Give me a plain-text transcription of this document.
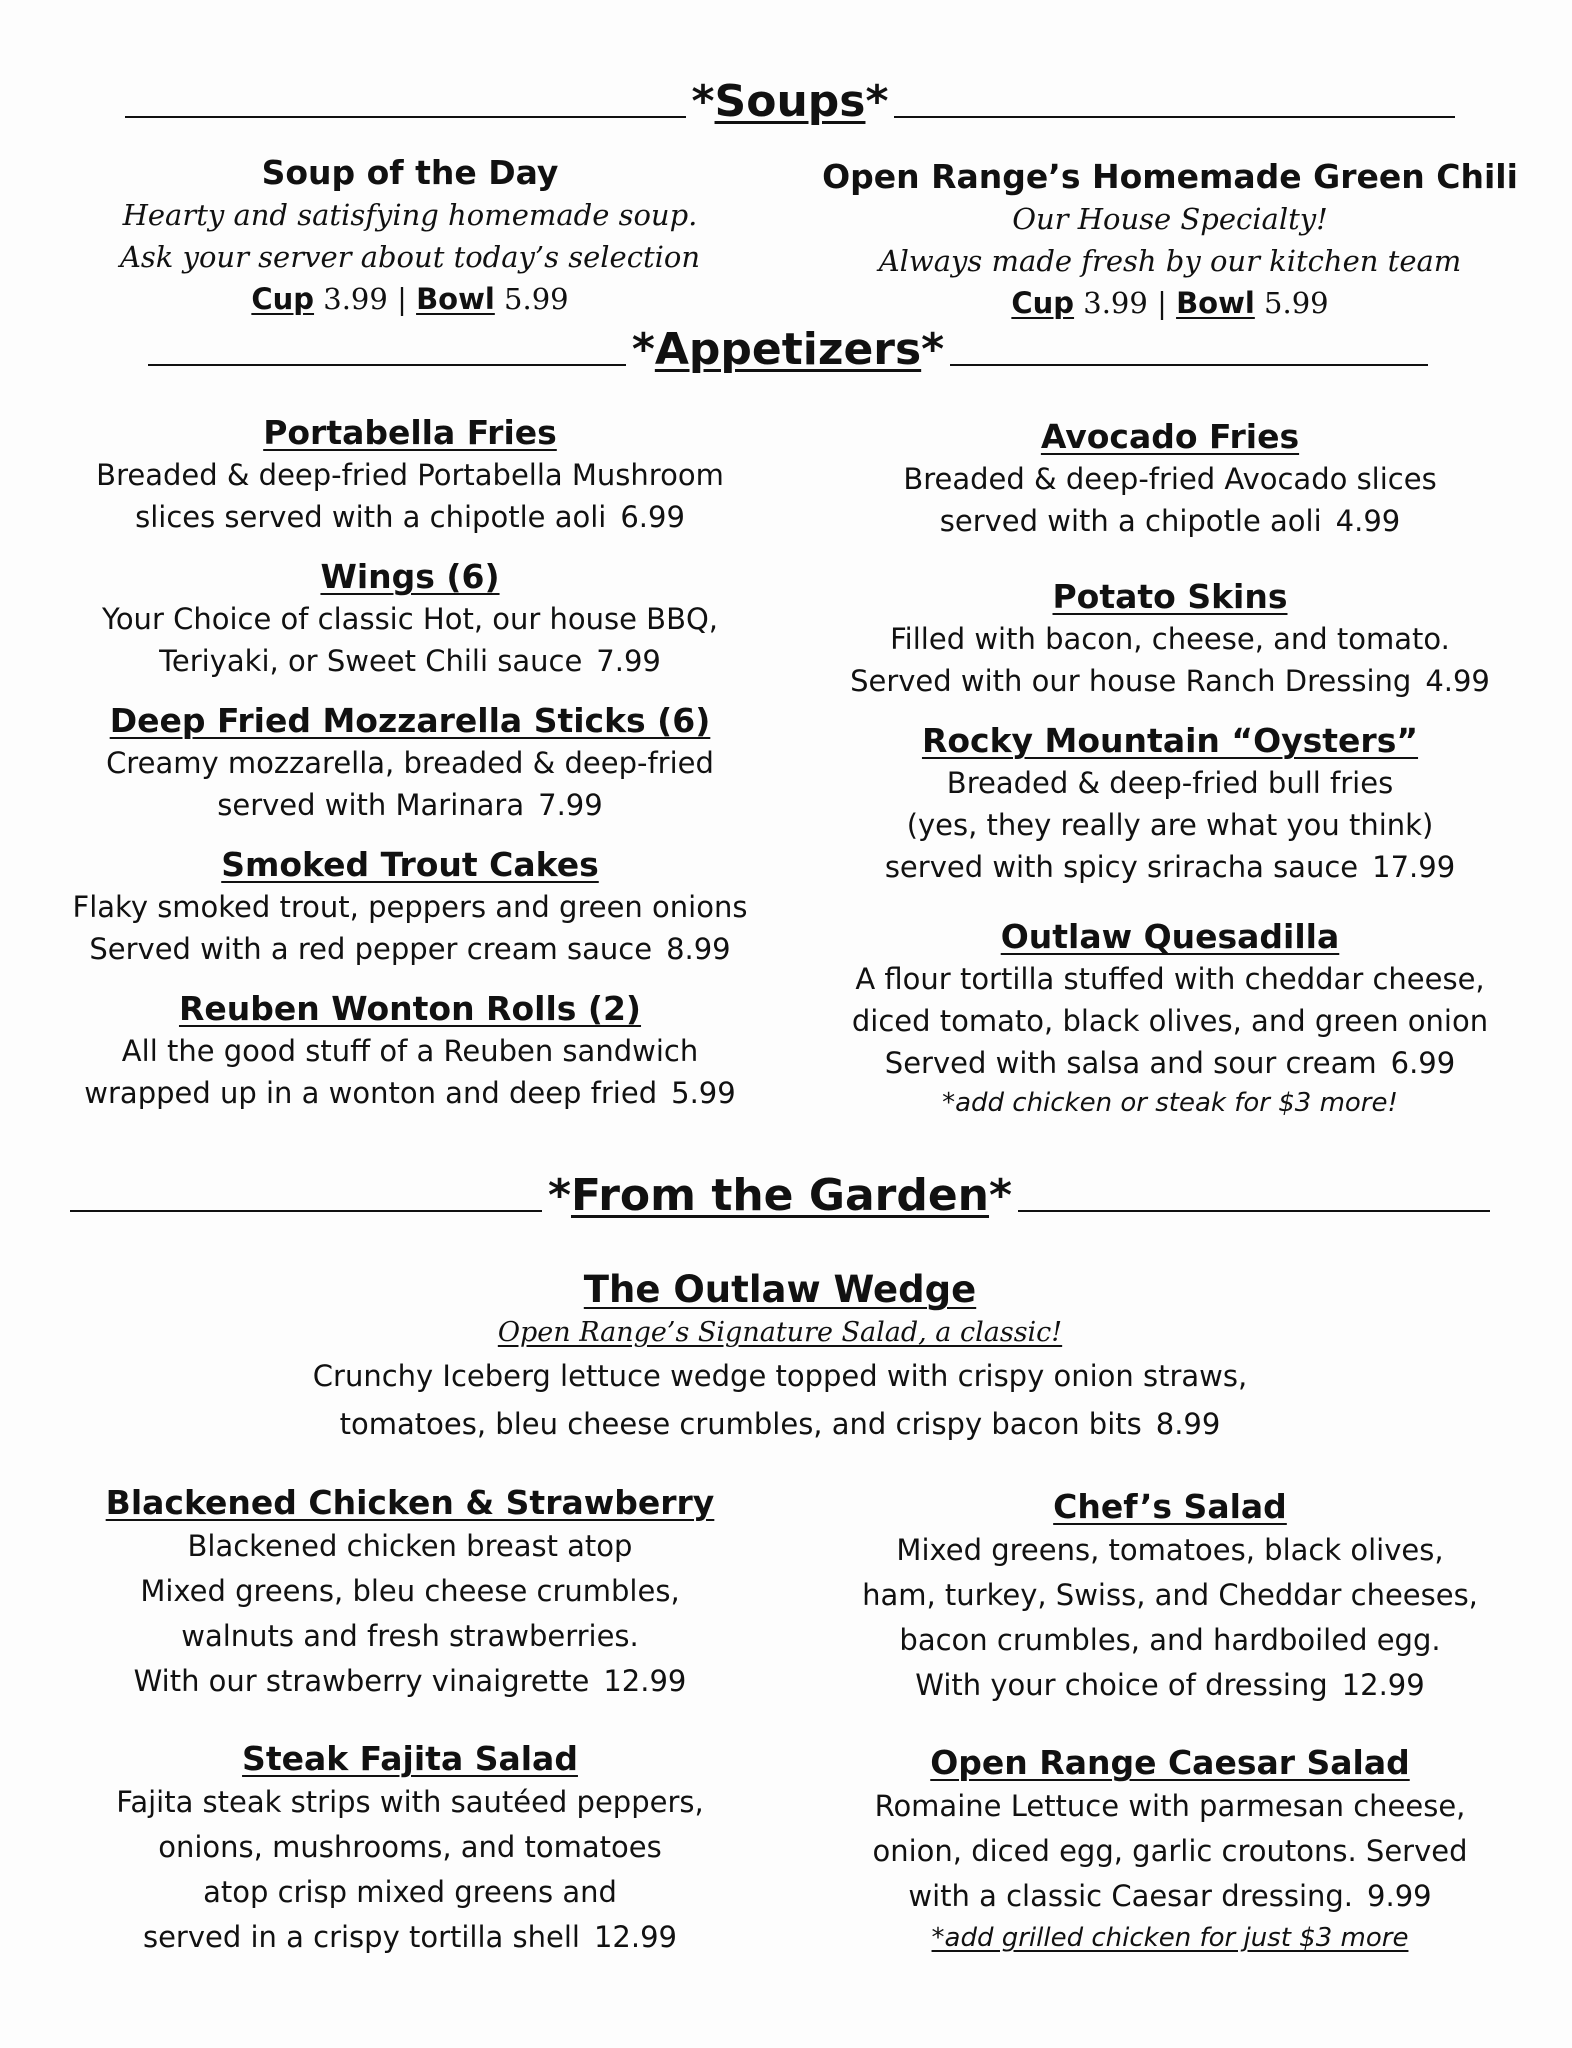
*Soups*
Soup of the Day
Hearty and satisfying homemade soup.
Ask your server about today’s selection
Cup 3.99 | Bowl 5.99
Open Range’s Homemade Green Chili
Our House Specialty!
Always made fresh by our kitchen team
Cup 3.99 | Bowl 5.99
*Appetizers*
Portabella Fries
Breaded & deep-fried Portabella Mushroom
slices served with a chipotle aoli 6.99
Wings (6)
Your Choice of classic Hot, our house BBQ,
Teriyaki, or Sweet Chili sauce 7.99
Deep Fried Mozzarella Sticks (6)
Creamy mozzarella, breaded & deep-fried
served with Marinara 7.99
Smoked Trout Cakes
Flaky smoked trout, peppers and green onions
Served with a red pepper cream sauce 8.99
Reuben Wonton Rolls (2)
All the good stuff of a Reuben sandwich
wrapped up in a wonton and deep fried 5.99
Avocado Fries
Breaded & deep-fried Avocado slices
served with a chipotle aoli 4.99
Potato Skins
Filled with bacon, cheese, and tomato.
Served with our house Ranch Dressing 4.99
Rocky Mountain “Oysters”
Breaded & deep-fried bull fries
(yes, they really are what you think)
served with spicy sriracha sauce 17.99
Outlaw Quesadilla
A flour tortilla stuffed with cheddar cheese,
diced tomato, black olives, and green onion
Served with salsa and sour cream 6.99
*add chicken or steak for $3 more!
*From the Garden*
The Outlaw Wedge
Open Range’s Signature Salad, a classic!
Crunchy Iceberg lettuce wedge topped with crispy onion straws,
tomatoes, bleu cheese crumbles, and crispy bacon bits 8.99
Blackened Chicken & Strawberry
Blackened chicken breast atop
Mixed greens, bleu cheese crumbles,
walnuts and fresh strawberries.
With our strawberry vinaigrette 12.99
Steak Fajita Salad
Fajita steak strips with sautéed peppers,
onions, mushrooms, and tomatoes
atop crisp mixed greens and
served in a crispy tortilla shell 12.99
Chef’s Salad
Mixed greens, tomatoes, black olives,
ham, turkey, Swiss, and Cheddar cheeses,
bacon crumbles, and hardboiled egg.
With your choice of dressing 12.99
Open Range Caesar Salad
Romaine Lettuce with parmesan cheese,
onion, diced egg, garlic croutons. Served
with a classic Caesar dressing. 9.99
*add grilled chicken for just $3 more
